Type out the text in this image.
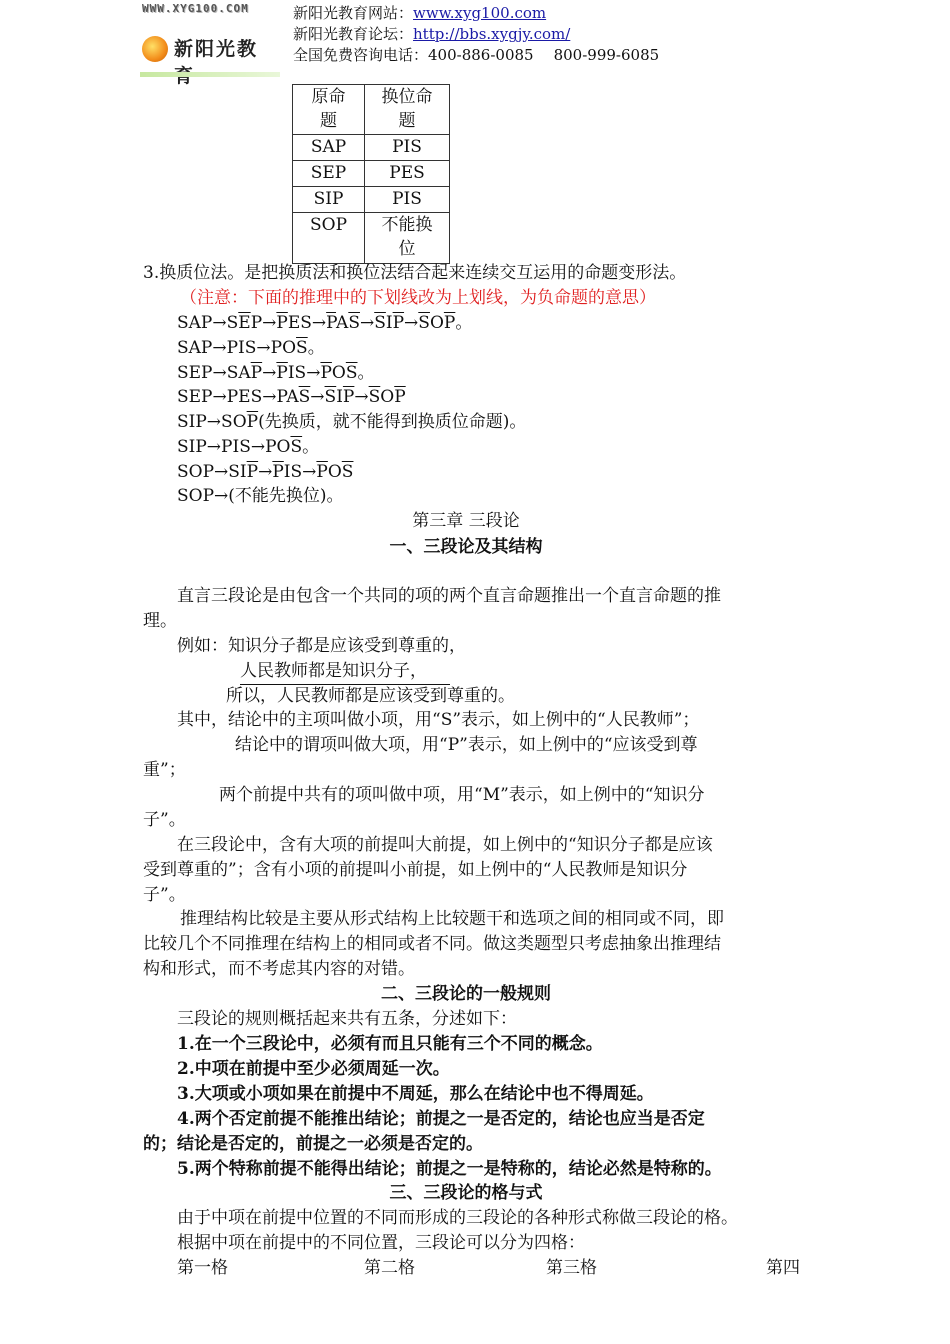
WWW.XYG100.COM
新阳光教
新阳光教育网站：www.xyg100.com
新阳光教育论坛：http://bbs.xygjy.com/
全国免费咨询电话：400-886-0085 800-999-6085
原命题	换位命题

SAP	PIS
SEP	PES
SIP	PIS
SOP	不能换位
3.换质位法。是把换质法和换位法结合起来连续交互运用的命题变形法。
（注意：下面的推理中的下划线改为上划线，为负命题的意思）
$SAP\to S\overline{E}P\to\overline{P}ES\to\overline{P}A\overline{S}\to\overline{S}I\overline{P}\to\overline{S}O\overline{P}$。
$SAP\to PIS\to PO\overline{S}$。
$SEP\to SA\overline{P}\to\overline{P}IS\to\overline{P}O\overline{S}$。
$SEP\to PES\to PA\overline{S}\to\overline{S}I\overline{P}\to\overline{S}O\overline{P}$
$SIP\to SO\overline{P}$(先换质，就不能得到换质位命题)。
$SIP\to PIS\to PO\overline{S}$。
$SOP\to SI\overline{P}\to\overline{P}IS\to\overline{P}O\overline{S}$
SOP→(不能先换位)。
第三章 三段论
一、三段论及其结构
直言三段论是由包含一个共同的项的两个直言命题推出一个直言命题的推
理。
例如：知识分子都是应该受到尊重的，
人民教师都是知识分子，
所以，人民教师都是应该受到尊重的。
其中，结论中的主项叫做小项，用“S”表示，如上例中的“人民教师”；
结论中的谓项叫做大项，用“P”表示，如上例中的“应该受到尊
重”；
两个前提中共有的项叫做中项，用“M”表示，如上例中的“知识分
子”。
在三段论中，含有大项的前提叫大前提，如上例中的“知识分子都是应该
受到尊重的”；含有小项的前提叫小前提，如上例中的“人民教师是知识分
子”。
推理结构比较是主要从形式结构上比较题干和选项之间的相同或不同，即
比较几个不同推理在结构上的相同或者不同。做这类题型只考虑抽象出推理结
构和形式，而不考虑其内容的对错。
二、三段论的一般规则
三段论的规则概括起来共有五条，分述如下：
1.在一个三段论中，必须有而且只能有三个不同的概念。
2.中项在前提中至少必须周延一次。
3.大项或小项如果在前提中不周延，那么在结论中也不得周延。
4.两个否定前提不能推出结论；前提之一是否定的，结论也应当是否定
的；结论是否定的，前提之一必须是否定的。
5.两个特称前提不能得出结论；前提之一是特称的，结论必然是特称的。
三、三段论的格与式
由于中项在前提中位置的不同而形成的三段论的各种形式称做三段论的格。
根据中项在前提中的不同位置，三段论可以分为四格：
第一格	第二格	第三格	第四
